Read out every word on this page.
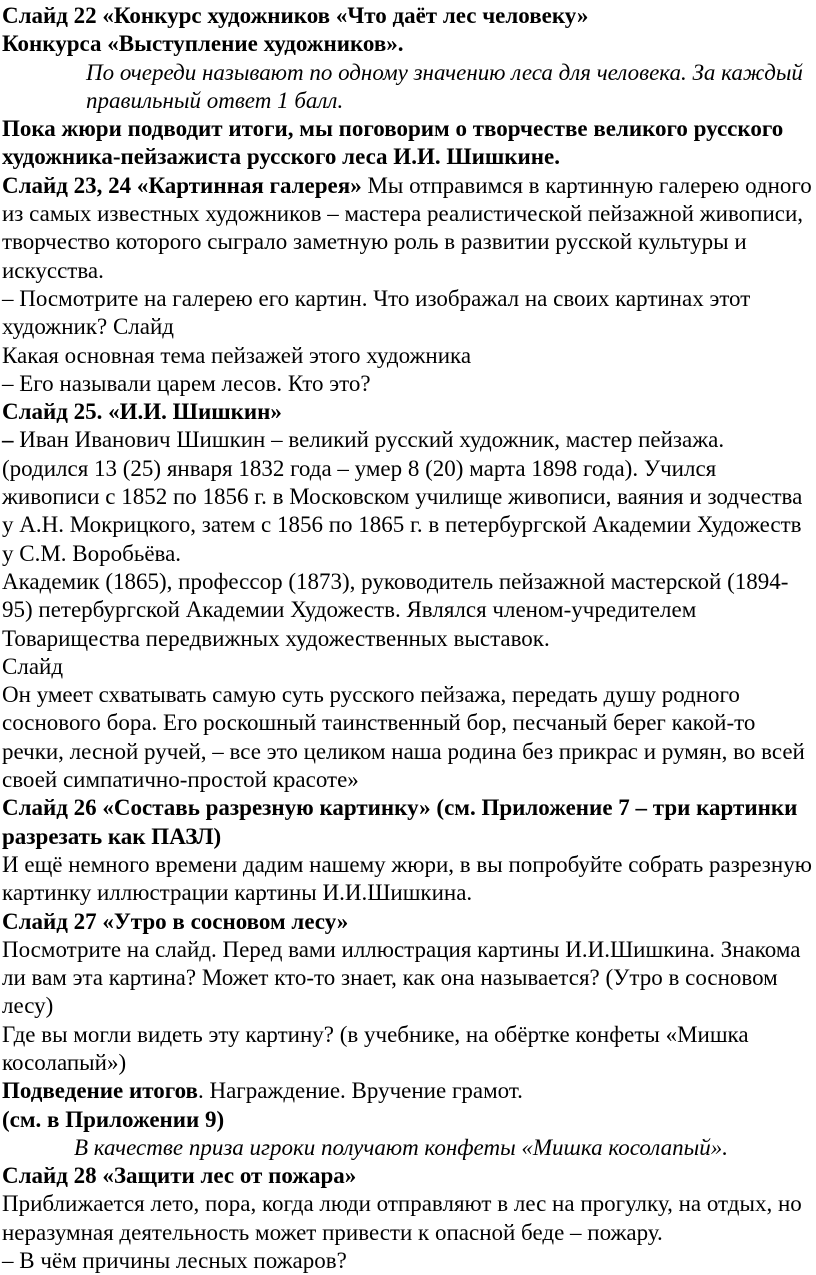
Слайд 22 «Конкурс художников «Что даёт лес человеку»

Конкурса «Выступление художников».

По очереди называют по одному значению леса для человека. За каждый правильный ответ 1 балл.

Пока жюри подводит итоги, мы поговорим о творчестве великого русского художника-пейзажиста русского леса И.И. Шишкине.

Слайд 23, 24 «Картинная галерея» Мы отправимся в картинную галерею одного из самых известных художников – мастера реалистической пейзажной живописи, творчество которого сыграло заметную роль в развитии русской культуры и искусства.

– Посмотрите на галерею его картин. Что изображал на своих картинах этот художник? Слайд

Какая основная тема пейзажей этого художника

– Его называли царем лесов. Кто это?

Слайд 25. «И.И. Шишкин»

– Иван Иванович Шишкин – великий русский художник, мастер пейзажа. (родился 13 (25) января 1832 года – умер 8 (20) марта 1898 года). Учился живописи с 1852 по 1856 г. в Московском училище живописи, ваяния и зодчества у А.Н. Мокрицкого, затем с 1856 по 1865 г. в петербургской Академии Художеств у С.М. Воробьёва.

Академик (1865), профессор (1873), руководитель пейзажной мастерской (1894-95) петербургской Академии Художеств. Являлся членом-учредителем Товарищества передвижных художественных выставок.

Слайд

Он умеет схватывать самую суть русского пейзажа, передать душу родного соснового бора. Его роскошный таинственный бор, песчаный берег какой-то речки, лесной ручей, – все это целиком наша родина без прикрас и румян, во всей своей симпатично-простой красоте»

Слайд 26 «Составь разрезную картинку» (см. Приложение 7 – три картинки разрезать как ПАЗЛ)

И ещё немного времени дадим нашему жюри, в вы попробуйте собрать разрезную картинку иллюстрации картины И.И.Шишкина.

Слайд 27 «Утро в сосновом лесу»

Посмотрите на слайд. Перед вами иллюстрация картины И.И.Шишкина. Знакома ли вам эта картина? Может кто-то знает, как она называется? (Утро в сосновом лесу)

Где вы могли видеть эту картину? (в учебнике, на обёртке конфеты «Мишка косолапый»)

Подведение итогов. Награждение. Вручение грамот.

(см. в Приложении 9)

В качестве приза игроки получают конфеты «Мишка косолапый».

Слайд 28 «Защити лес от пожара»

Приближается лето, пора, когда люди отправляют в лес на прогулку, на отдых, но неразумная деятельность может привести к опасной беде – пожару.

– В чём причины лесных пожаров?
